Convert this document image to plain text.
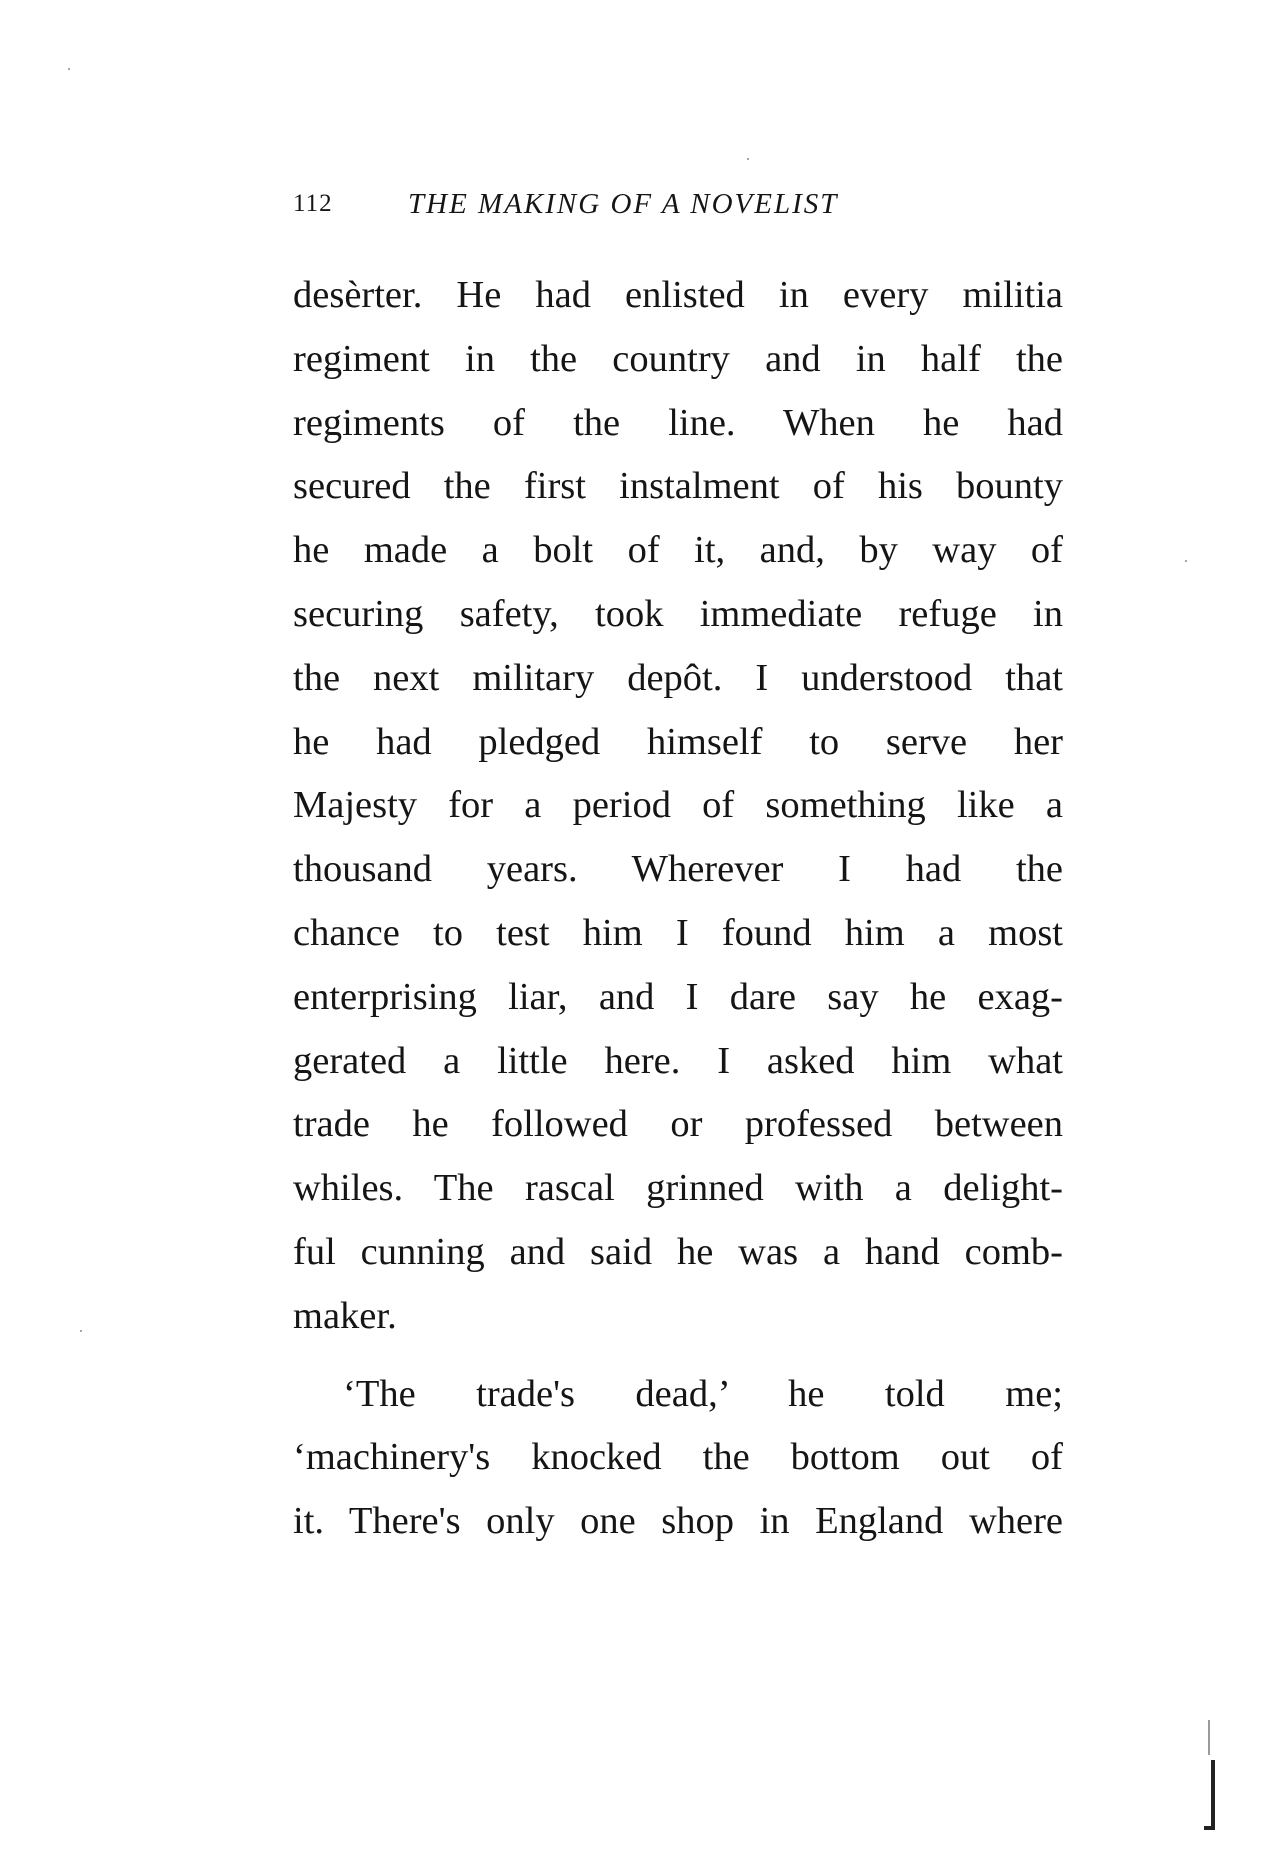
112	THE MAKING OF A NOVELIST
desèrter. He had enlisted in every militia
regiment in the country and in half the
regiments of the line. When he had
secured the first instalment of his bounty
he made a bolt of it, and, by way of
securing safety, took immediate refuge in
the next military depôt. I understood that
he had pledged himself to serve her
Majesty for a period of something like a
thousand years. Wherever I had the
chance to test him I found him a most
enterprising liar, and I dare say he exag-
gerated a little here. I asked him what
trade he followed or professed between
whiles. The rascal grinned with a delight-
ful cunning and said he was a hand comb-
maker.
‘The trade's dead,’ he told me;
‘machinery's knocked the bottom out of
it. There's only one shop in England where
